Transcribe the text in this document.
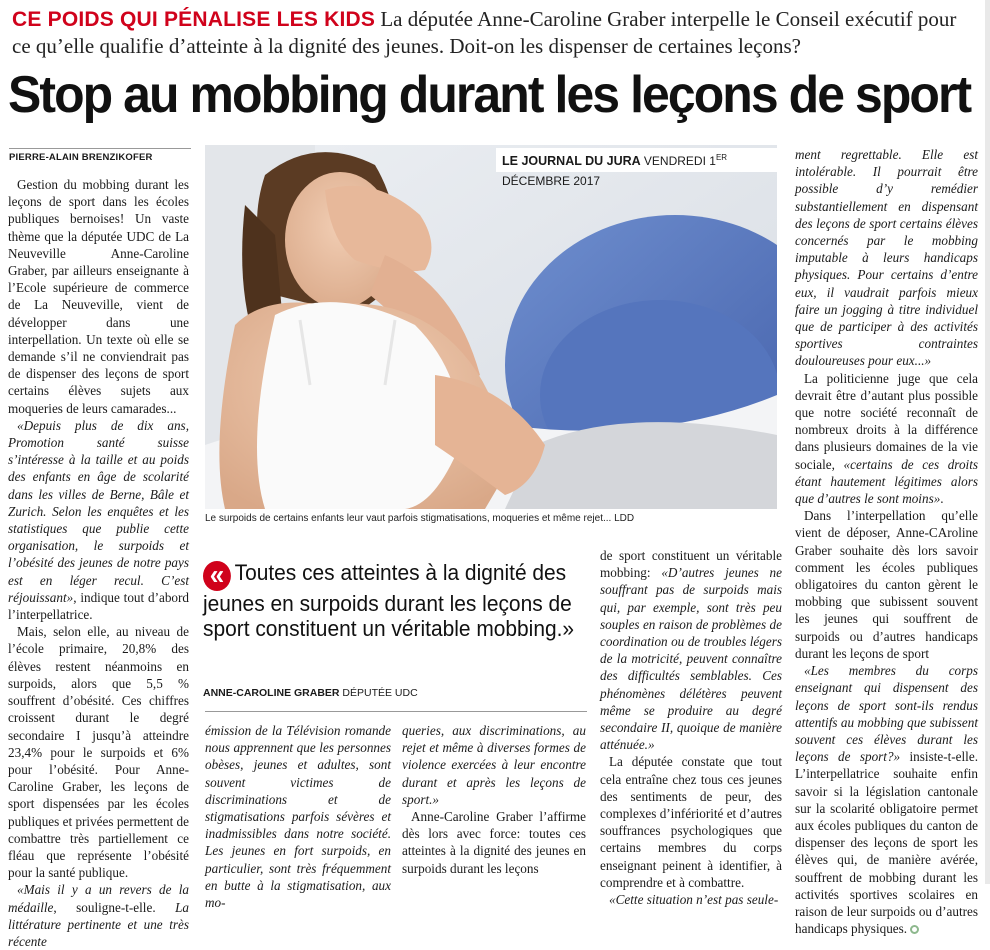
CE POIDS QUI PÉNALISE LES KIDS La députée Anne-Caroline Graber interpelle le Conseil exécutif pour ce qu’elle qualifie d’atteinte à la dignité des jeunes. Doit-on les dispenser de certaines leçons?
Stop au mobbing durant les leçons de sport
PIERRE-ALAIN BRENZIKOFER

Gestion du mobbing durant les leçons de sport dans les écoles publiques bernoises! Un vaste thème que la députée UDC de La Neuveville Anne-Caroline Graber, par ailleurs enseignante à l’Ecole supérieure de commerce de La Neuveville, vient de développer dans une interpellation. Un texte où elle se demande s’il ne conviendrait pas de dispenser des leçons de sport certains élèves sujets aux moqueries de leurs camarades...

«Depuis plus de dix ans, Promotion santé suisse s’intéresse à la taille et au poids des enfants en âge de scolarité dans les villes de Berne, Bâle et Zurich. Selon les enquêtes et les statistiques que publie cette organisation, le surpoids et l’obésité des jeunes de notre pays est en léger recul. C’est réjouissant», indique tout d’abord l’interpellatrice.

Mais, selon elle, au niveau de l’école primaire, 20,8% des élèves restent néanmoins en surpoids, alors que 5,5 % souffrent d’obésité. Ces chiffres croissent durant le degré secondaire I jusqu’à atteindre 23,4% pour le surpoids et 6% pour l’obésité. Pour Anne-Caroline Graber, les leçons de sport dispensées par les écoles publiques et privées permettent de combattre très partiellement ce fléau que représente l’obésité pour la santé publique.

«Mais il y a un revers de la médaille, souligne-t-elle. La littérature pertinente et une très récente

LE JOURNAL DU JURA VENDREDI 1ER DÉCEMBRE 2017
Le surpoids de certains enfants leur vaut parfois stigmatisations, moqueries et même rejet... LDD
« Toutes ces atteintes à la dignité des jeunes en surpoids durant les leçons de sport constituent un véritable mobbing.»
ANNE-CAROLINE GRABER DÉPUTÉE UDC

émission de la Télévision romande nous apprennent que les personnes obèses, jeunes et adultes, sont souvent victimes de discriminations et de stigmatisations parfois sévères et inadmissibles dans notre société. Les jeunes en fort surpoids, en particulier, sont très fréquemment en butte à la stigmatisation, aux mo-

queries, aux discriminations, au rejet et même à diverses formes de violence exercées à leur encontre durant et après les leçons de sport.»

Anne-Caroline Graber l’affirme dès lors avec force: toutes ces atteintes à la dignité des jeunes en surpoids durant les leçons

de sport constituent un véritable mobbing: «D’autres jeunes ne souffrant pas de surpoids mais qui, par exemple, sont très peu souples en raison de problèmes de coordination ou de troubles légers de la motricité, peuvent connaître des difficultés semblables. Ces phénomènes délétères peuvent même se produire au degré secondaire II, quoique de manière atténuée.»

La députée constate que tout cela entraîne chez tous ces jeunes des sentiments de peur, des complexes d’infériorité et d’autres souffrances psychologiques que certains membres du corps enseignant peinent à identifier, à comprendre et à combattre.

«Cette situation n’est pas seule-

ment regrettable. Elle est intolérable. Il pourrait être possible d’y remédier substantiellement en dispensant des leçons de sport certains élèves concernés par le mobbing imputable à leurs handicaps physiques. Pour certains d’entre eux, il vaudrait parfois mieux faire un jogging à titre individuel que de participer à des activités sportives contraintes douloureuses pour eux...»

La politicienne juge que cela devrait être d’autant plus possible que notre société reconnaît de nombreux droits à la différence dans plusieurs domaines de la vie sociale, «certains de ces droits étant hautement légitimes alors que d’autres le sont moins».

Dans l’interpellation qu’elle vient de déposer, Anne-CAroline Graber souhaite dès lors savoir comment les écoles publiques obligatoires du canton gèrent le mobbing que subissent souvent les jeunes qui souffrent de surpoids ou d’autres handicaps durant les leçons de sport

«Les membres du corps enseignant qui dispensent des leçons de sport sont-ils rendus attentifs au mobbing que subissent souvent ces élèves durant les leçons de sport?» insiste-t-elle. L’interpellatrice souhaite enfin savoir si la législation cantonale sur la scolarité obligatoire permet aux écoles publiques du canton de dispenser des leçons de sport les élèves qui, de manière avérée, souffrent de mobbing durant les activités sportives scolaires en raison de leur surpoids ou d’autres handicaps physiques.
